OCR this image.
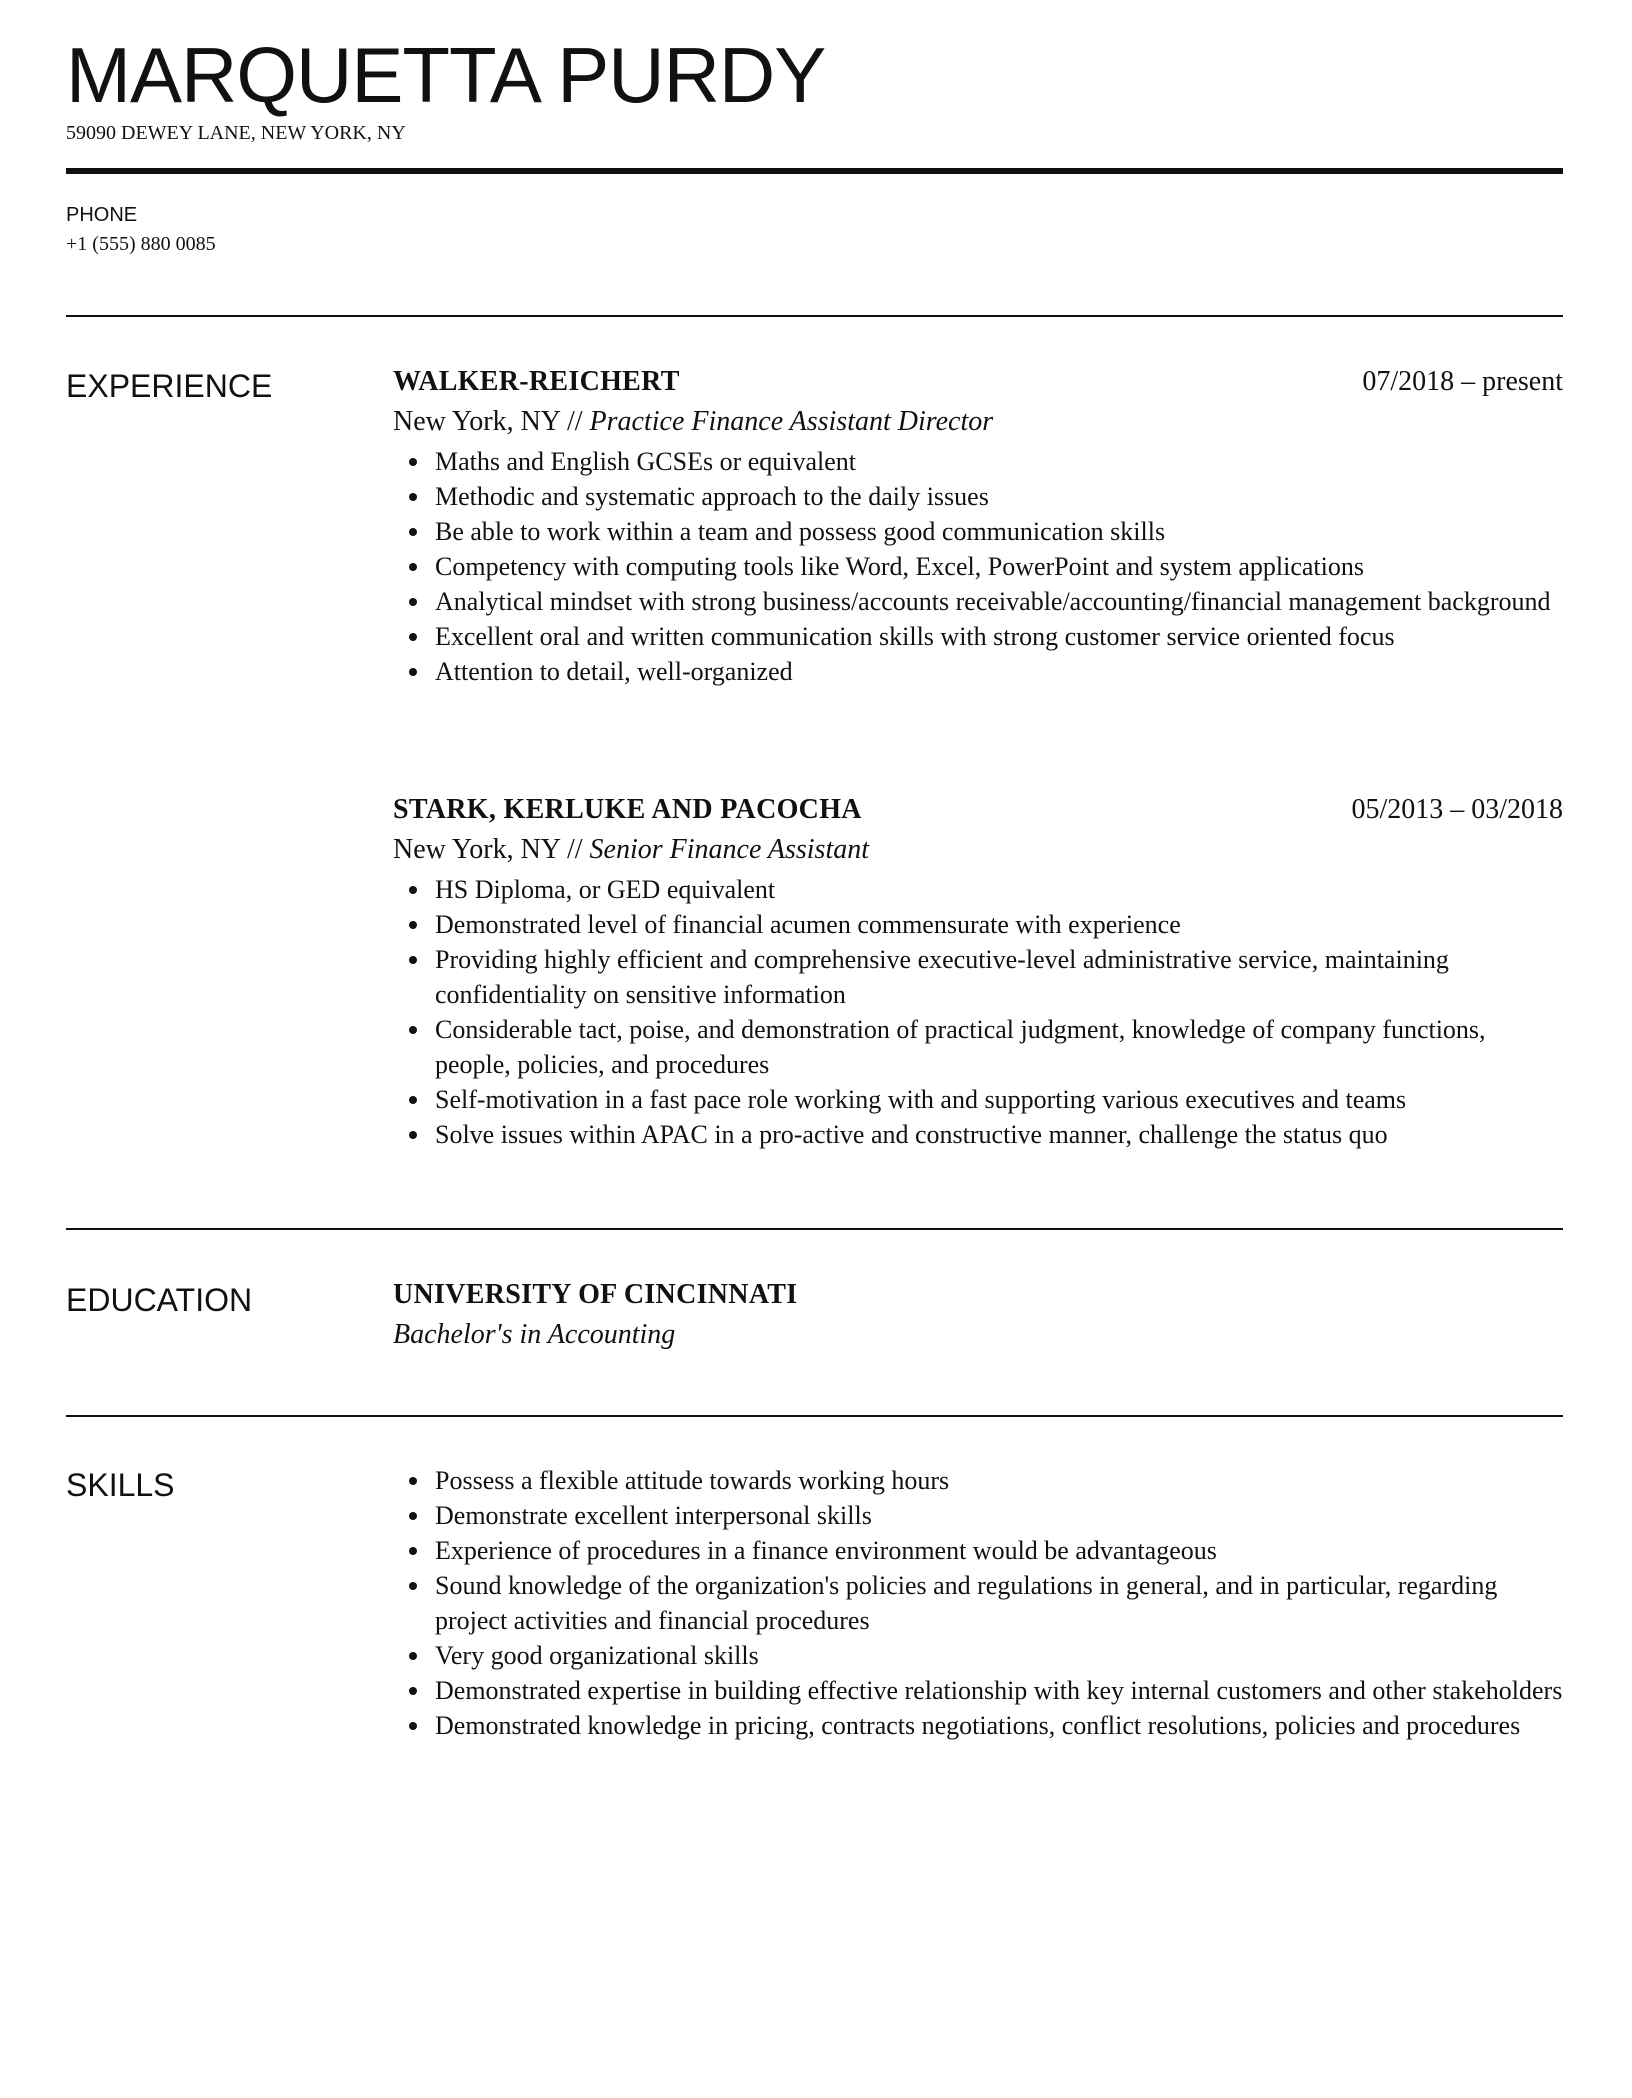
MARQUETTA PURDY
59090 DEWEY LANE, NEW YORK, NY
PHONE
+1 (555) 880 0085
EXPERIENCE	WALKER-REICHERT	07/2018 – present
New York, NY // Practice Finance Assistant Director
Maths and English GCSEs or equivalent
Methodic and systematic approach to the daily issues
Be able to work within a team and possess good communication skills
Competency with computing tools like Word, Excel, PowerPoint and system applications
Analytical mindset with strong business/accounts receivable/accounting/financial management background
Excellent oral and written communication skills with strong customer service oriented focus
Attention to detail, well-organized
STARK, KERLUKE AND PACOCHA	05/2013 – 03/2018
New York, NY // Senior Finance Assistant
HS Diploma, or GED equivalent
Demonstrated level of financial acumen commensurate with experience
Providing highly efficient and comprehensive executive-level administrative service, maintaining confidentiality on sensitive information
Considerable tact, poise, and demonstration of practical judgment, knowledge of company functions, people, policies, and procedures
Self-motivation in a fast pace role working with and supporting various executives and teams
Solve issues within APAC in a pro-active and constructive manner, challenge the status quo
EDUCATION	UNIVERSITY OF CINCINNATI
Bachelor's in Accounting
SKILLS	Possess a flexible attitude towards working hours
Demonstrate excellent interpersonal skills
Experience of procedures in a finance environment would be advantageous
Sound knowledge of the organization's policies and regulations in general, and in particular, regarding project activities and financial procedures
Very good organizational skills
Demonstrated expertise in building effective relationship with key internal customers and other stakeholders
Demonstrated knowledge in pricing, contracts negotiations, conflict resolutions, policies and procedures
